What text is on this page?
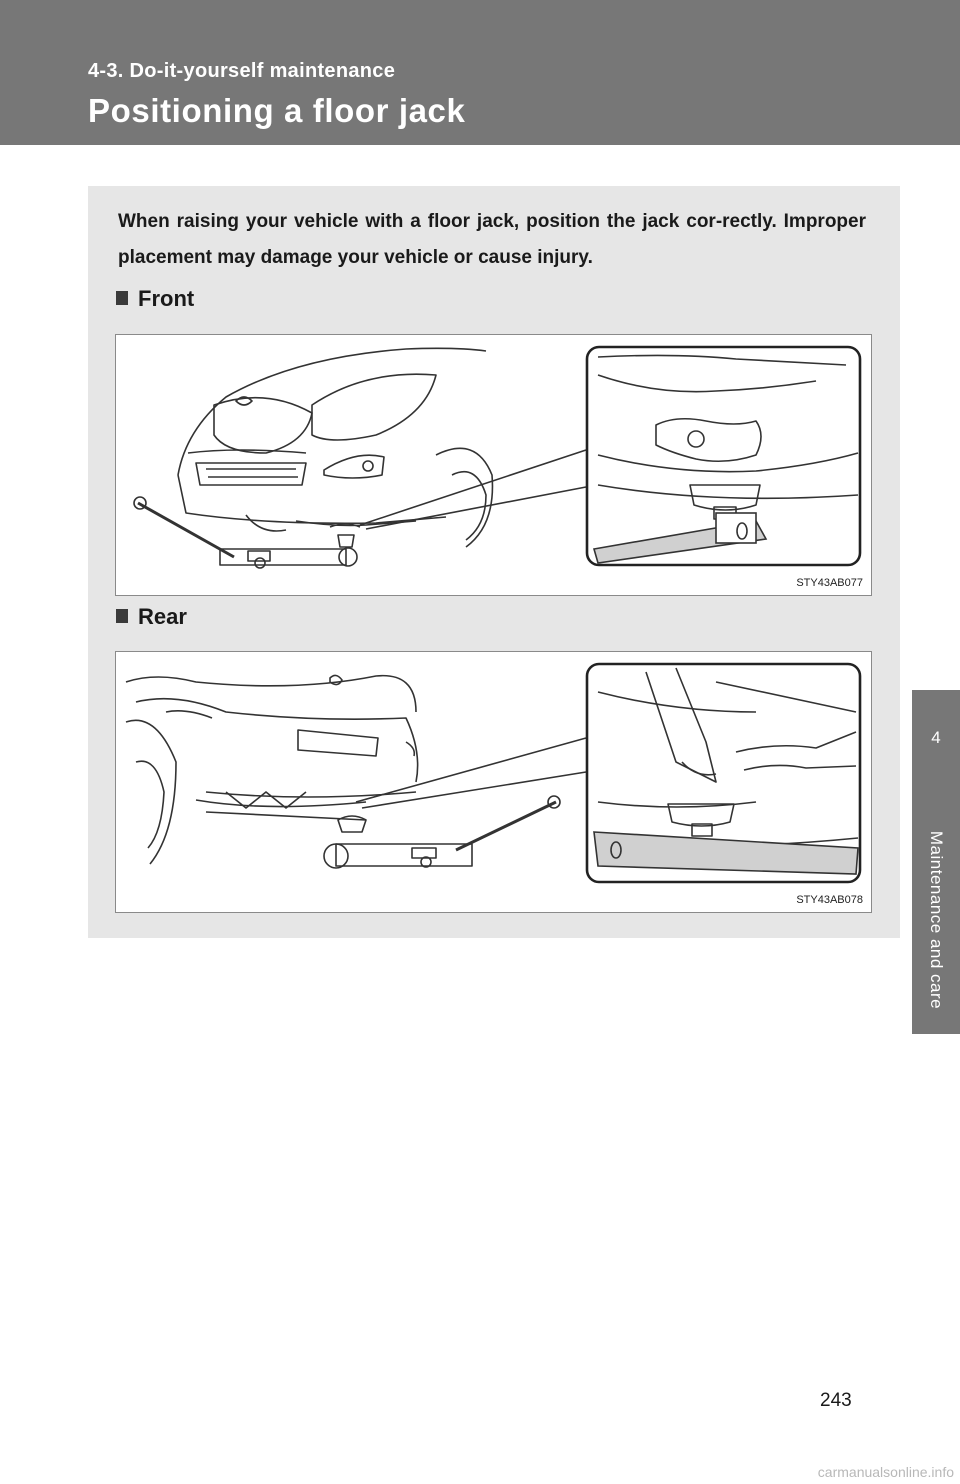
4-3. Do-it-yourself maintenance
Positioning a floor jack
4
Maintenance and care

When raising your vehicle with a floor jack, position the jack cor-rectly. Improper placement may damage your vehicle or cause injury.

Front
STY43AB077
Rear
STY43AB078
243
carmanualsonline.info
